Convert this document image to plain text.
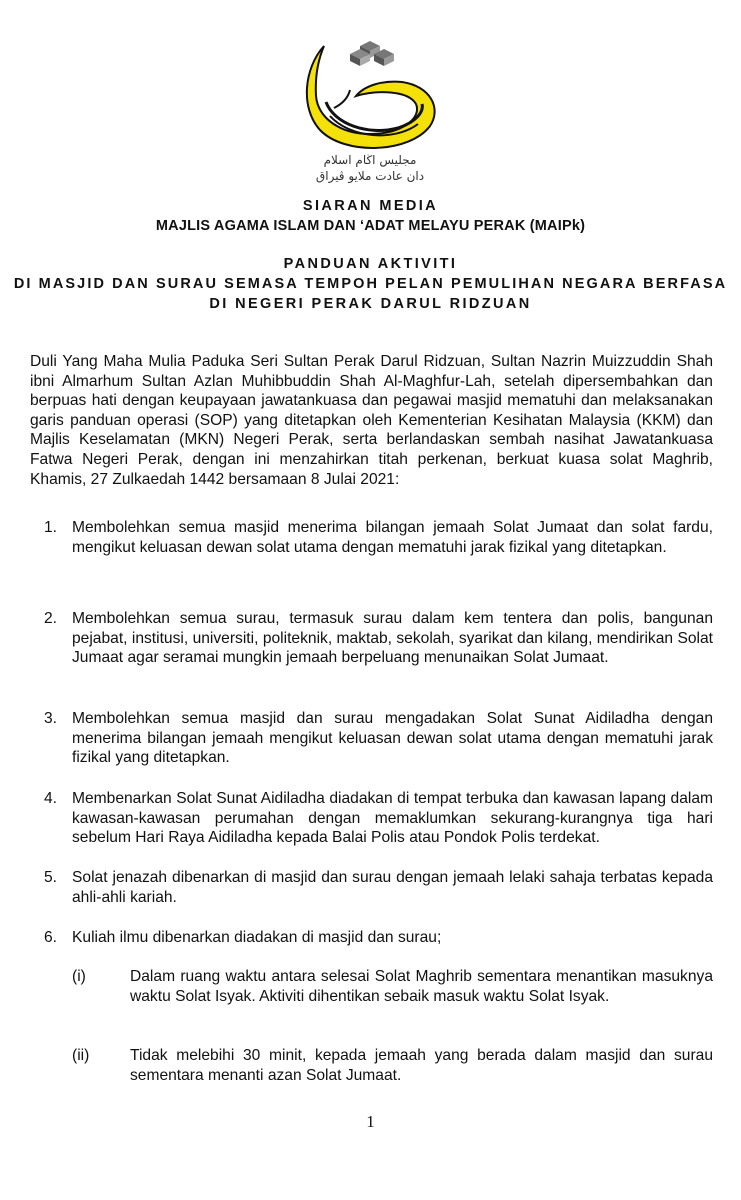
مجليس اڬام اسلام
دان عادت ملايو ڤيراق
SIARAN MEDIA
MAJLIS AGAMA ISLAM DAN ‘ADAT MELAYU PERAK (MAIPk)
PANDUAN AKTIVITI
DI MASJID DAN SURAU SEMASA TEMPOH PELAN PEMULIHAN NEGARA BERFASA
DI NEGERI PERAK DARUL RIDZUAN
Duli Yang Maha Mulia Paduka Seri Sultan Perak Darul Ridzuan, Sultan Nazrin Muizzuddin Shah ibni Almarhum Sultan Azlan Muhibbuddin Shah Al-Maghfur-Lah, setelah dipersembahkan dan berpuas hati dengan keupayaan jawatankuasa dan pegawai masjid mematuhi dan melaksanakan garis panduan operasi (SOP) yang ditetapkan oleh Kementerian Kesihatan Malaysia (KKM) dan Majlis Keselamatan (MKN) Negeri Perak, serta berlandaskan sembah nasihat Jawatankuasa Fatwa Negeri Perak, dengan ini menzahirkan titah perkenan, berkuat kuasa solat Maghrib, Khamis, 27 Zulkaedah 1442 bersamaan 8 Julai 2021:
1. Membolehkan semua masjid menerima bilangan jemaah Solat Jumaat dan solat fardu, mengikut keluasan dewan solat utama dengan mematuhi jarak fizikal yang ditetapkan.
2. Membolehkan semua surau, termasuk surau dalam kem tentera dan polis, bangunan pejabat, institusi, universiti, politeknik, maktab, sekolah, syarikat dan kilang, mendirikan Solat Jumaat agar seramai mungkin jemaah berpeluang menunaikan Solat Jumaat.
3. Membolehkan semua masjid dan surau mengadakan Solat Sunat Aidiladha dengan menerima bilangan jemaah mengikut keluasan dewan solat utama dengan mematuhi jarak fizikal yang ditetapkan.
4. Membenarkan Solat Sunat Aidiladha diadakan di tempat terbuka dan kawasan lapang dalam kawasan-kawasan perumahan dengan memaklumkan sekurang-kurangnya tiga hari sebelum Hari Raya Aidiladha kepada Balai Polis atau Pondok Polis terdekat.
5. Solat jenazah dibenarkan di masjid dan surau dengan jemaah lelaki sahaja terbatas kepada ahli-ahli kariah.
6. Kuliah ilmu dibenarkan diadakan di masjid dan surau;
(i)	Dalam ruang waktu antara selesai Solat Maghrib sementara menantikan masuknya waktu Solat Isyak. Aktiviti dihentikan sebaik masuk waktu Solat Isyak.
(ii)	Tidak melebihi 30 minit, kepada jemaah yang berada dalam masjid dan surau sementara menanti azan Solat Jumaat.
1
